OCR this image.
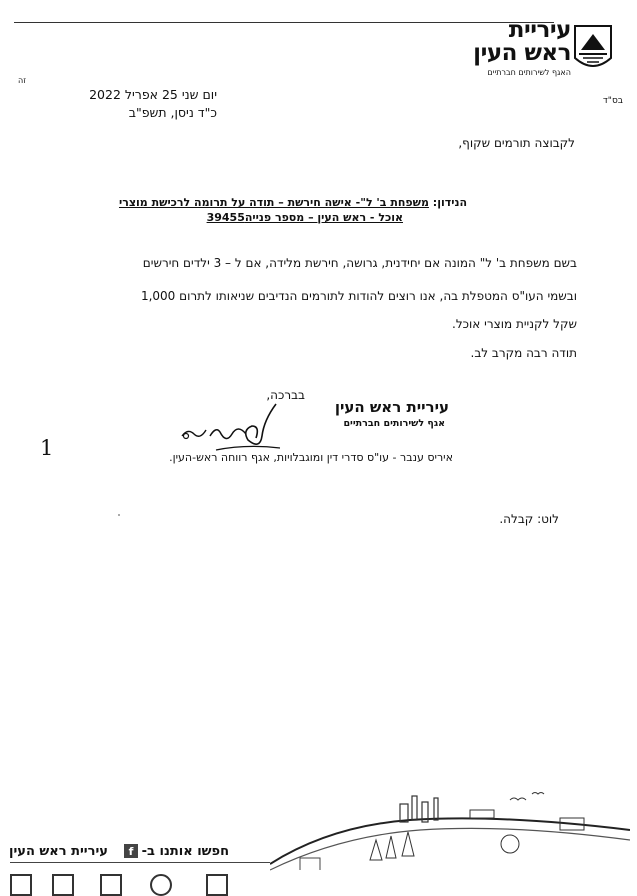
עיריית
ראש העין
האגף לשירותים חברתיים
זה
בס"ד
יום שני 25 אפריל 2022
כ"ד ניסן, תשפ"ב
לקבוצה תורמים שקוף,
הנידון: משפחת ב' ל"- אישה חירשת – תודה על תרומה לרכישת מוצרי
אוכל - ראש העין – מספר פנייה39455
בשם משפחת ב' ל" המונה אם יחידנית, גרושה, חירשת מלידה, אם ל – 3 ילדים חירשים
ובשמי העו"ס המטפלת בה, אנו רוצים להודות לתורמים הנדיבים שניאותו לתרום 1,000
שקל לקניית מוצרי אוכל.
תודה רבה מקרב לב.
בברכה,
עיריית ראש העין
אגף לשירותים חברתיים
איריס ענבר - עו"ס סדרי דין ומוגבלויות, אגף רווחה ראש-העין.
1
לוט: קבלה.
חפשו אותנו ב-
f
עיריית ראש העין
